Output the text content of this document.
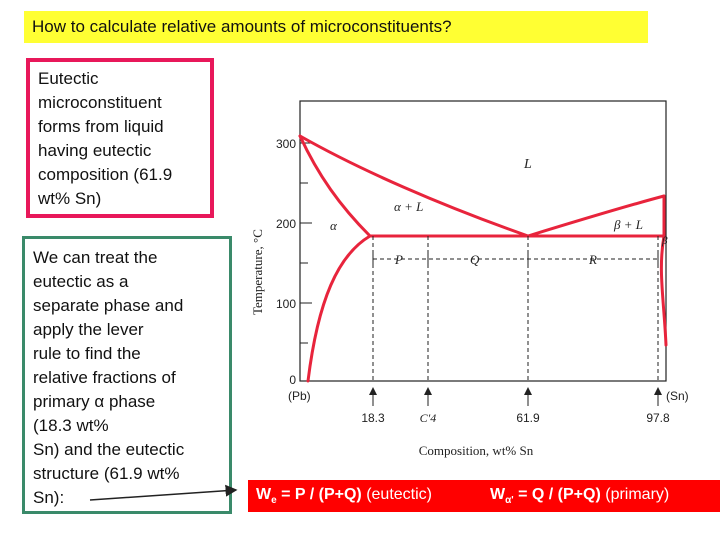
How to calculate relative amounts of microconstituents?
Eutectic microconstituent forms from liquid having eutectic composition (61.9 wt% Sn)
We can treat the
eutectic as a
separate phase and
apply the lever
rule to find the
relative fractions of
primary α phase
(18.3 wt%
Sn) and the eutectic
structure (61.9 wt%
Sn):
300
200
100
0
Temperature, °C
(Pb)	(Sn)
P	Q	R
18.3	C′4	61.9	97.8
Composition, wt% Sn
L
α + L
β + L
α
β
$W_e = P / (P+Q)$ (eutectic)	$W_{\alpha'} = Q / (P+Q)$ (primary)
